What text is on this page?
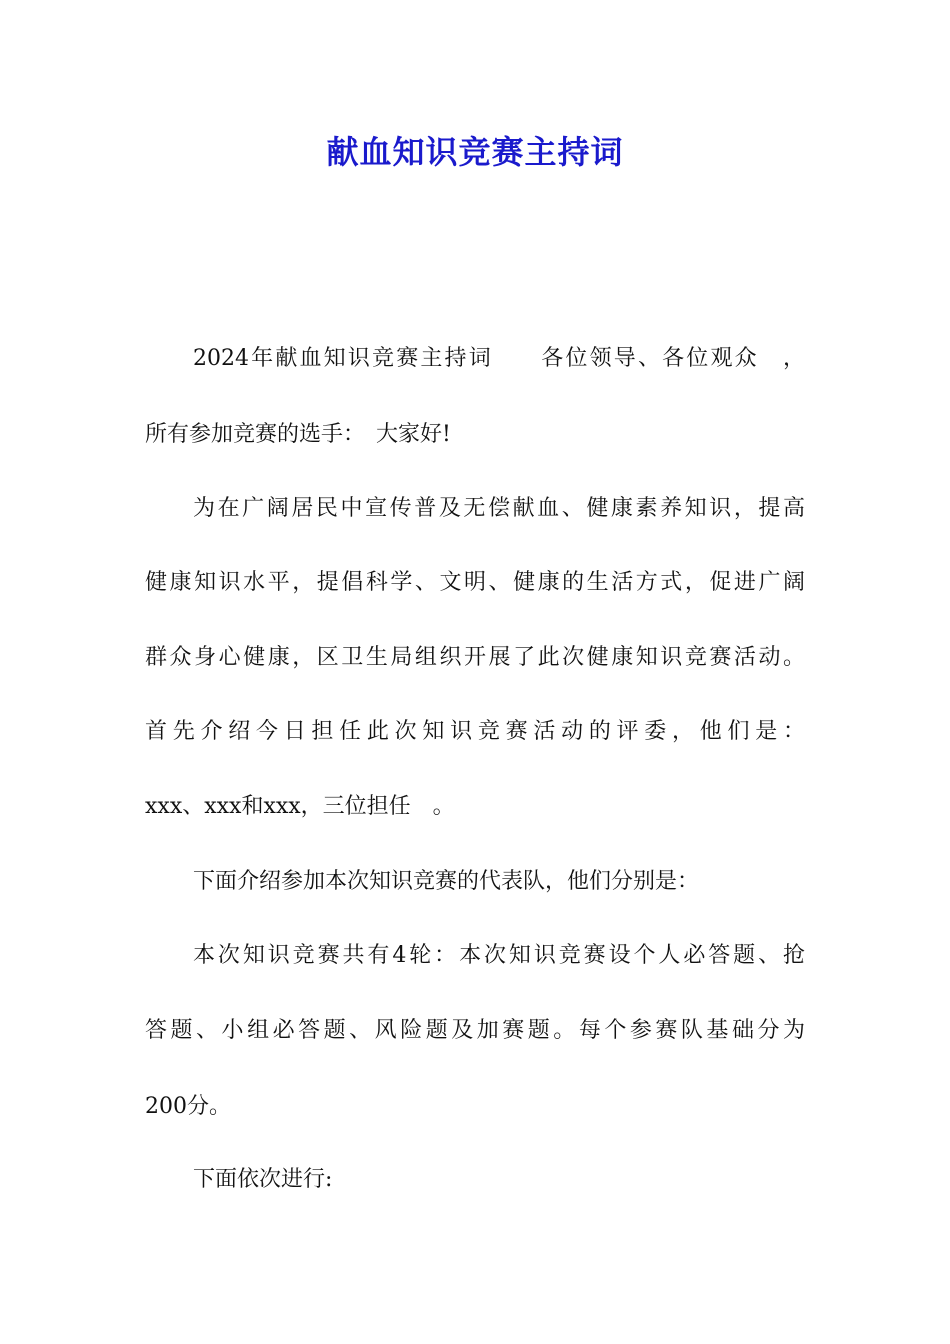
献血知识竞赛主持词
2024年献血知识竞赛主持词　　各位领导、各位观众　，
所有参加竞赛的选手：　大家好!
为在广阔居民中宣传普及无偿献血、健康素养知识，提高
健康知识水平，提倡科学、文明、健康的生活方式，促进广阔
群众身心健康，区卫生局组织开展了此次健康知识竞赛活动。
首先介绍今日担任此次知识竞赛活动的评委，他们是：
xxx、xxx和xxx，三位担任　。
下面介绍参加本次知识竞赛的代表队，他们分别是：
本次知识竞赛共有4轮：本次知识竞赛设个人必答题、抢
答题、小组必答题、风险题及加赛题。每个参赛队基础分为
200分。
下面依次进行:
